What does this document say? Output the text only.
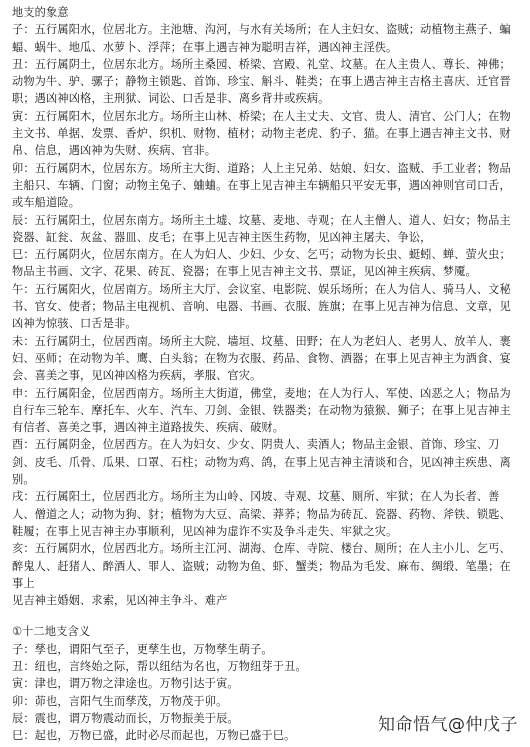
地支的象意
子：五行属阳水，位居北方。主池塘、沟河，与水有关场所；在人主妇女、盗贼；动植物主燕子、蝙蝠、蜗牛、地瓜、水萝卜、浮萍；在事上遇吉神为聪明吉祥，遇凶神主淫佚。
丑：五行属阴土，位居东北方。场所主桑园、桥梁、宫殿、礼堂、坟墓。在人主贵人、尊长、神佛；动物为牛、驴、骡子；静物主锁匙、首饰、珍宝、斛斗、鞋类；在事上遇吉神主吉格主喜庆、迁官晋职；遇凶神凶格，主刑狱、词讼、口舌是非、离乡背井或疾病。
寅：五行属阳木，位居东北方。场所主山林、桥梁；在人主丈夫、文官、贵人、清官、公门人；在物主文书、单据、发票、香炉、织机、财物、植材；动物主老虎、豹子、猫。在事上遇吉神主文书、财帛、信息，遇凶神为失财、疾病、官非。
卯：五行属阴木，位居东方。场所主大街、道路；人上主兄弟、姑娘、妇女、盗贼、手工业者；物品主船只、车辆、门窗；动物主兔子、蛐蛐。在事上见吉神主车辆船只平安无事，遇凶神则官司口舌，或车船道险。
辰：五行属阳土，位居东南方。场所主土墟、坟墓、麦地、寺观；在人主僧人、道人、妇女；物品主瓷器、缸瓮、灰盆、器皿、皮毛；在事上见吉神主医生药物，见凶神主屠夫、争讼，
巳：五行属阴火，位居东南方。在人为妇人、少妇、少女、乞丐；动物为长虫、蜓蚓、蝉、萤火虫；物品主书画、文字、花果、砖瓦、瓷器；在事上见吉神主文书、票证，见凶神主疾病、梦魇。
午：五行属阳火，位居南方。场所主大厅、会议室、电影院、娱乐场所；在人为信人、骑马人、文秘书、官女、使者；物品主电视机、音响、电器、书画、衣服、旌旗；在事上见吉神为信息、文章，见凶神为惊骇、口舌是非。
未：五行属阴土，位居西南。场所主大院、墙垣、坟墓、田野；在人为老妇人、老男人、放羊人、裹妇、巫师；在动物为羊、鹰、白头翁；在物为衣服、药品、食物、酒器；在事上见吉神主为酒食、宴会、喜美之事，见凶神凶格为疾病，孝服、官灾。
申：五行属阳金，位居西南方。场所主大街道，佛堂，麦地；在人为行人、军使、凶恶之人；物品为自行车三轮车、摩托车、火车、汽车、刀剑、金银、铁器类；在动物为猿猴、狮子；在事上见吉神主有信者、喜美之事，遇凶神主道路拔失、疾病、破财。
酉：五行属阴金，位居西方。在人为妇女、少女、阴贵人、卖酒人；物品主金银、首饰、珍宝、刀剑、皮毛、爪骨、瓜果、口罩、石柱；动物为鸡、鸽，在事上见吉神主清谈和合，见凶神主疾患、离别。
戌：五行属阳土，位居西北方。场所主为山岭、冈坡、寺观、坟墓、厕所、牢狱；在人为长者、善人、僧道之人；动物为狗、豺；植物为大豆、高梁、莽荞；物品为砖瓦、瓷器、药物、斧铁、锁匙、鞋履；在事上见吉神主办事顺利，见凶神为虚诈不实及争斗走失、牢狱之灾。
亥：五行属阴水，位居西北方。场所主江河、湖海、仓库、寺院、楼台、厕所；在人主小儿、乞丐、醉鬼人、赶猪人、醉酒人、罪人、盗贼；动物为鱼、虾、蟹类；物品为毛发、麻布、绸缎、笔墨；在事上
见吉神主婚姻、求索，见凶神主争斗、难产
①十二地支含义
子：孳也，谓阳气至子，更孳生也，万物孳生萌子。
丑：纽也，言终始之际，帮以纽结为名也，万物纽芽于丑。
寅：津也，谓万物之津途也。万物引达于寅。
卯：茆也，言阳气生而孳茂，万物茂于卯。
辰：震也，谓万物震动而长，万物振美于辰。
巳：起也，万物已盛，此时必尽而起也，万物已盛于巳。
知命悟气@仲戊子
